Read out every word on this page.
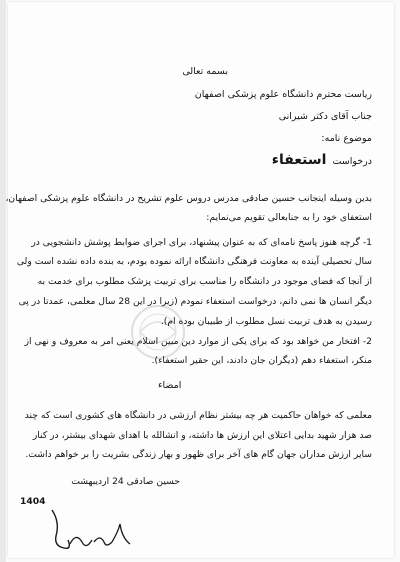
بسمه تعالی
ریاست محترم دانشگاه علوم پزشکی اصفهان
جناب آقای دکتر شیرانی
موضوع نامه:
درخواست
استعفاء
بدین وسیله اینجانب حسین صادقی مدرس دروس علوم تشریح در دانشگاه علوم پزشکی اصفهان،
استعفای خود را به جنابعالی تقویم می‌نمایم:
1- گرچه هنوز پاسخ نامه‌ای که به عنوان پیشنهاد، برای اجرای ضوابط پوشش دانشجویی در
سال تحصیلی آینده به معاونت فرهنگی دانشگاه ارائه نموده بودم، به بنده داده نشده است ولی
از آنجا که فضای موجود در دانشگاه را مناسب برای تربیت پزشک مطلوب برای خدمت به
دیگر انسان ها نمی دانم، درخواست استعفاء نمودم (زیرا در این 28 سال معلمی، عمدتا در پی
رسیدن به هدف تربیت نسل مطلوب از طبیبان بوده ام).
2- افتخار من خواهد بود که برای یکی از موارد دین مبین اسلام یعنی امر به معروف و نهی از
منکر، استعفاء دهم (دیگران جان دادند، این حقیر استعفاء).
امضاء
معلمی که خواهان حاکمیت هر چه بیشتر نظام ارزشی در دانشگاه های کشوری است که چند
صد هزار شهید بدایی اعتلای این ارزش ها داشته، و انشالله با اهدای شهدای بیشتر، در کنار
سایر ارزش مداران جهان گام های آخر برای ظهور و بهار زندگی بشریت را بر خواهم داشت.
حسین صادقی 24 اردیبهشت
1404
